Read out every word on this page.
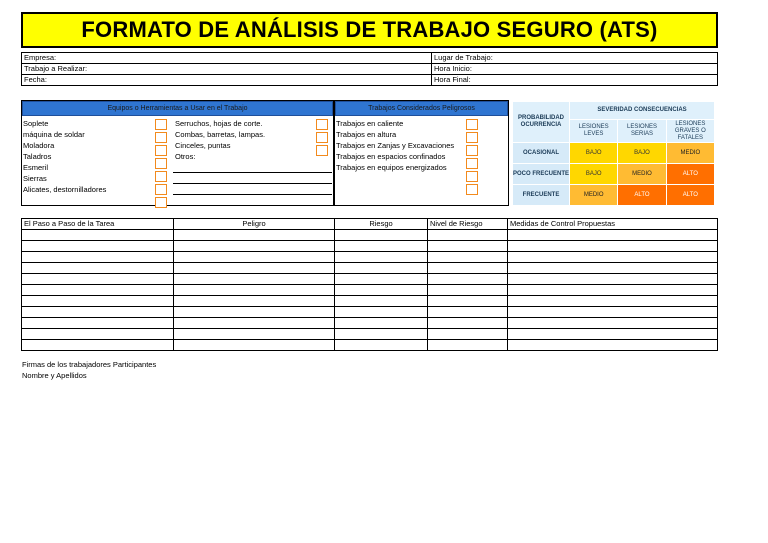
FORMATO DE ANÁLISIS DE TRABAJO SEGURO (ATS)
Empresa:	Lugar de Trabajo:
Trabajo a Realizar:	Hora Inicio:
Fecha:	Hora Final:
Equipos o Herramientas a Usar en el Trabajo
Soplete
máquina de soldar
Moladora
Taladros
Esmeril
Sierras
Alicates, destornilladores
Serruchos, hojas de corte.
Combas, barretas, lampas.
Cinceles, puntas
Otros:
Trabajos Considerados Peligrosos
Trabajos en caliente
Trabajos en altura
Trabajos en Zanjas y Excavaciones
Trabajos en espacios confinados
Trabajos en equipos energizados
PROBABILIDAD OCURRENCIA	SEVERIDAD CONSECUENCIAS		
	LESIONES LEVES	LESIONES SERIAS	LESIONES GRAVES O FATALES
OCASIONAL	BAJO	BAJO	MEDIO
POCO FRECUENTE	BAJO	MEDIO	ALTO
FRECUENTE	MEDIO	ALTO	ALTO
El Paso a Paso de la Tarea	Peligro	Riesgo	Nivel de Riesgo	Medidas de Control Propuestas

Firmas de los trabajadores Participantes
Nombre y Apellidos
